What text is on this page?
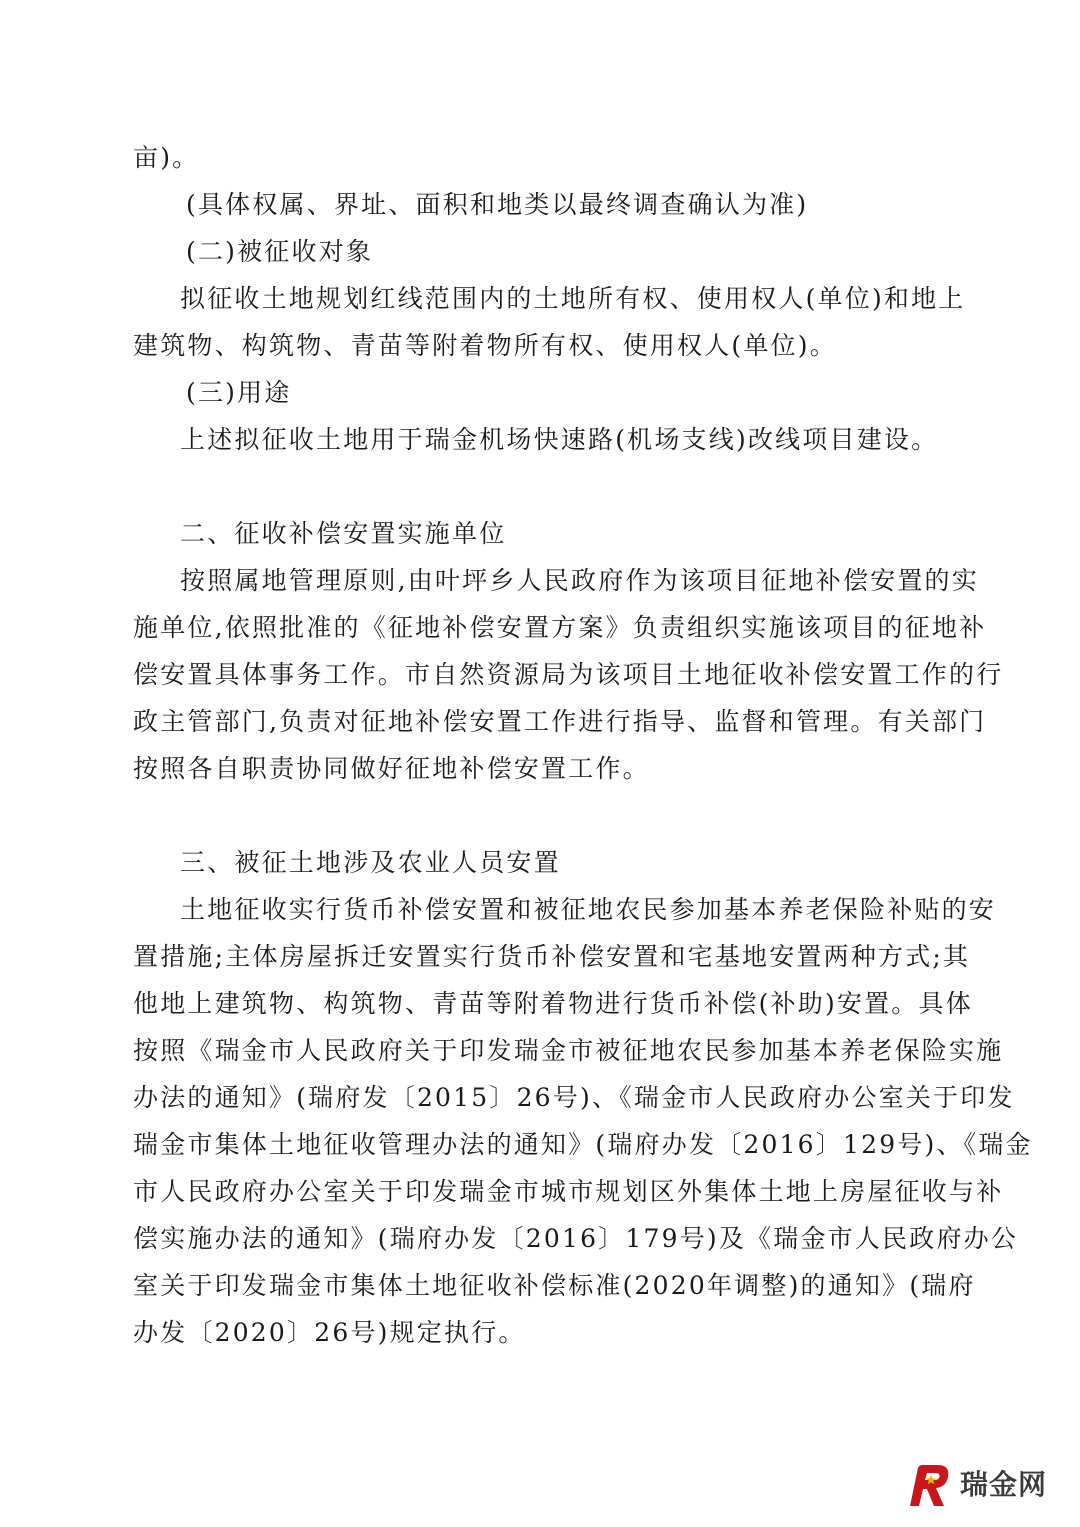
亩)。
(具体权属、界址、面积和地类以最终调查确认为准)
(二)被征收对象
拟征收土地规划红线范围内的土地所有权、使用权人(单位)和地上
建筑物、构筑物、青苗等附着物所有权、使用权人(单位)。
(三)用途
上述拟征收土地用于瑞金机场快速路(机场支线)改线项目建设。
二、征收补偿安置实施单位
按照属地管理原则,由叶坪乡人民政府作为该项目征地补偿安置的实
施单位,依照批准的《征地补偿安置方案》负责组织实施该项目的征地补
偿安置具体事务工作。市自然资源局为该项目土地征收补偿安置工作的行
政主管部门,负责对征地补偿安置工作进行指导、监督和管理。有关部门
按照各自职责协同做好征地补偿安置工作。
三、被征土地涉及农业人员安置
土地征收实行货币补偿安置和被征地农民参加基本养老保险补贴的安
置措施;主体房屋拆迁安置实行货币补偿安置和宅基地安置两种方式;其
他地上建筑物、构筑物、青苗等附着物进行货币补偿(补助)安置。具体
按照《瑞金市人民政府关于印发瑞金市被征地农民参加基本养老保险实施
办法的通知》(瑞府发〔2015〕26号)、《瑞金市人民政府办公室关于印发
瑞金市集体土地征收管理办法的通知》(瑞府办发〔2016〕129号)、《瑞金
市人民政府办公室关于印发瑞金市城市规划区外集体土地上房屋征收与补
偿实施办法的通知》(瑞府办发〔2016〕179号)及《瑞金市人民政府办公
室关于印发瑞金市集体土地征收补偿标准(2020年调整)的通知》(瑞府
办发〔2020〕26号)规定执行。
瑞金网
